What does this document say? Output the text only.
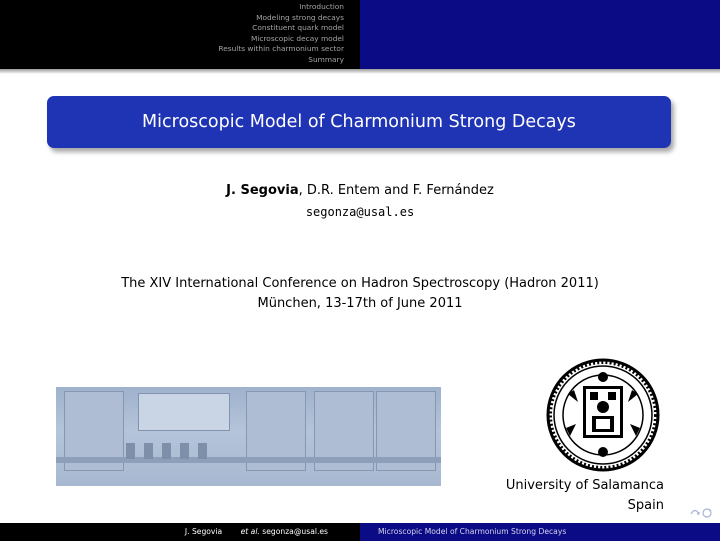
Introduction
Modeling strong decays
Constituent quark model
Microscopic decay model
Results within charmonium sector
Summary
Microscopic Model of Charmonium Strong Decays
J. Segovia, D.R. Entem and F. Fernández
segonza@usal.es
The XIV International Conference on Hadron Spectroscopy (Hadron 2011)
München, 13-17th of June 2011
University of Salamanca
Spain
J. Segovia et al. segonza@usal.es	Microscopic Model of Charmonium Strong Decays
